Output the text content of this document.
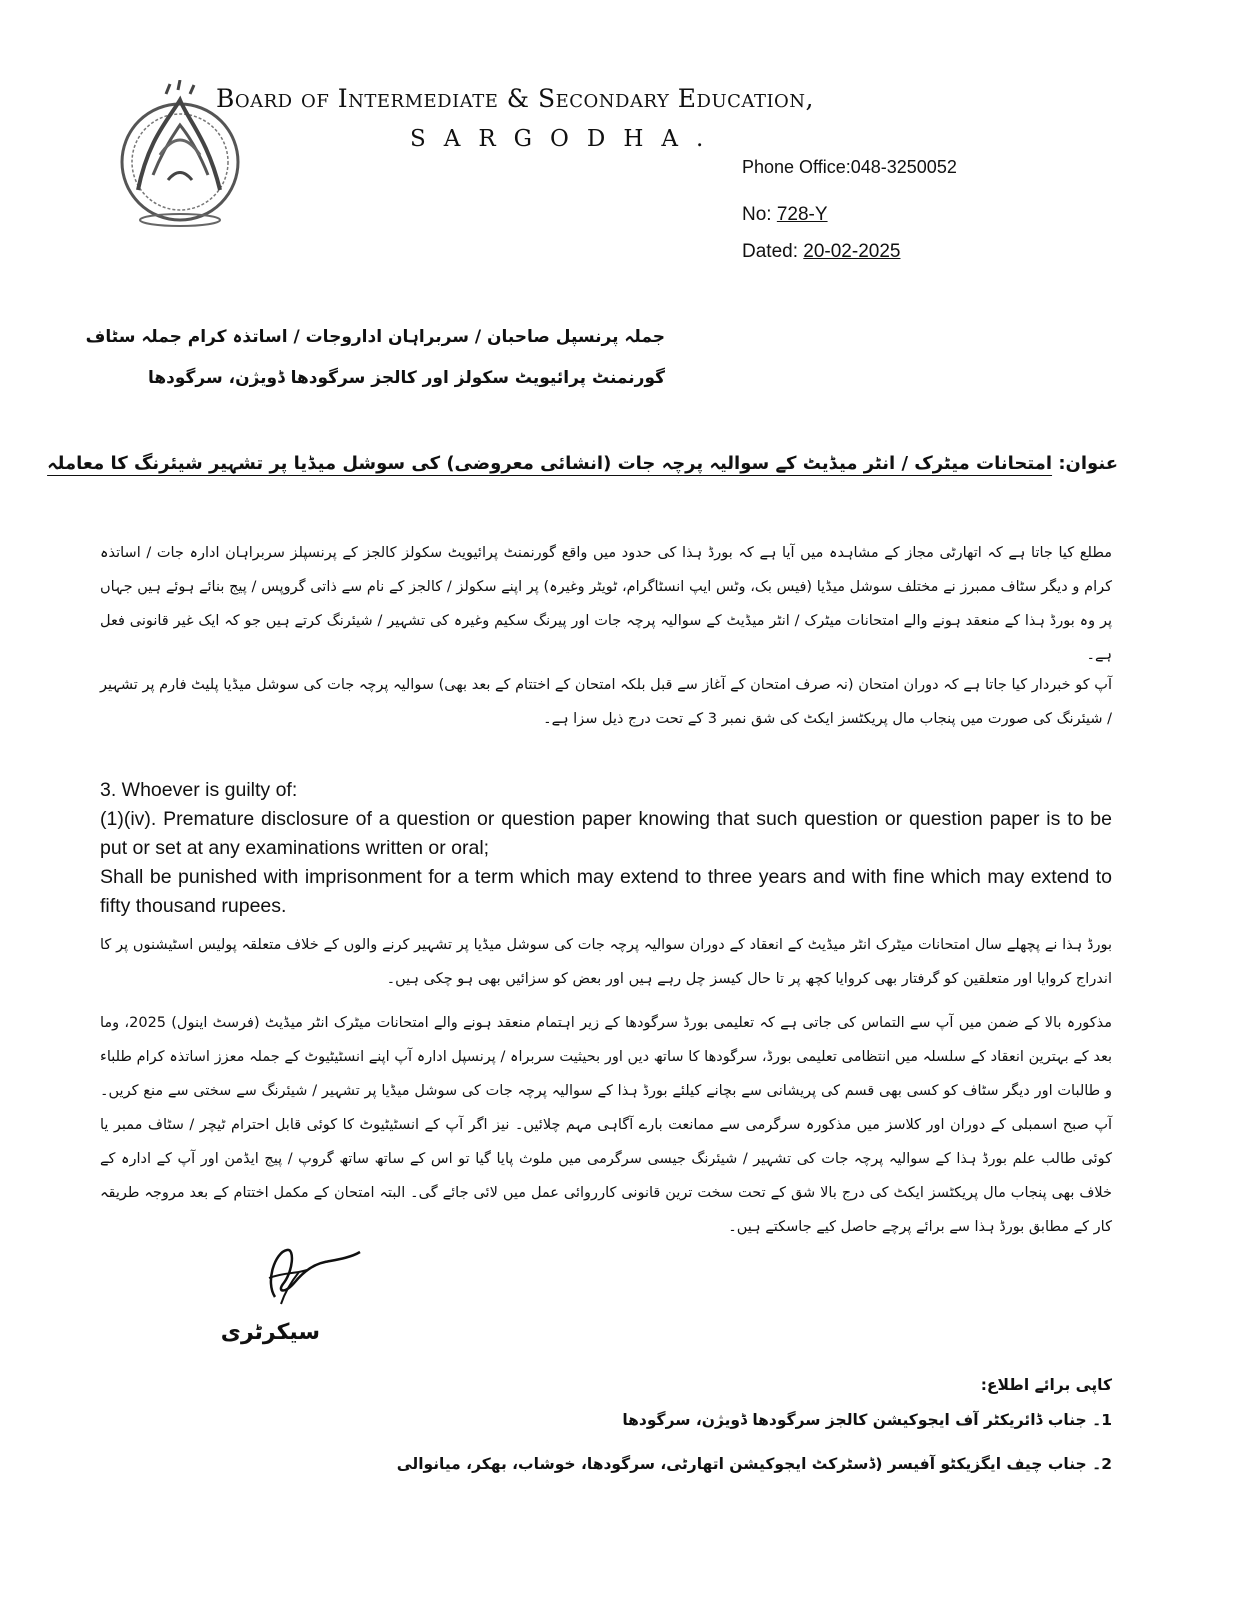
Board of Intermediate & Secondary Education,
SARGODHA.
Phone Office:048-3250052
No: 728-Y
Dated: 20-02-2025
جملہ پرنسپل صاحبان / سربراہان اداروجات / اساتذہ کرام جملہ سٹاف
گورنمنٹ پرائیویٹ سکولز اور کالجز سرگودھا ڈویژن، سرگودھا
عنوان: امتحانات میٹرک / انٹر میڈیٹ کے سوالیہ پرچہ جات (انشائی معروضی) کی سوشل میڈیا پر تشہیر شیئرنگ کا معاملہ
مطلع کیا جاتا ہے کہ اتھارٹی مجاز کے مشاہدہ میں آیا ہے کہ بورڈ ہذا کی حدود میں واقع گورنمنٹ پرائیویٹ سکولز کالجز کے پرنسپلز سربراہان ادارہ جات / اساتذہ کرام و دیگر سٹاف ممبرز نے مختلف سوشل میڈیا (فیس بک، وٹس ایپ انسٹاگرام، ٹویٹر وغیرہ) پر اپنے سکولز / کالجز کے نام سے ذاتی گروپس / پیج بنائے ہوئے ہیں جہاں پر وہ بورڈ ہذا کے منعقد ہونے والے امتحانات میٹرک / انٹر میڈیٹ کے سوالیہ پرچہ جات اور پیرنگ سکیم وغیرہ کی تشہیر / شیئرنگ کرتے ہیں جو کہ ایک غیر قانونی فعل ہے۔
آپ کو خبردار کیا جاتا ہے کہ دوران امتحان (نہ صرف امتحان کے آغاز سے قبل بلکہ امتحان کے اختتام کے بعد بھی) سوالیہ پرچہ جات کی سوشل میڈیا پلیٹ فارم پر تشہیر / شیئرنگ کی صورت میں پنجاب مال پریکٹسز ایکٹ کی شق نمبر 3 کے تحت درج ذیل سزا ہے۔

3. Whoever is guilty of:

(1)(iv). Premature disclosure of a question or question paper knowing that such question or question paper is to be put or set at any examinations written or oral;

Shall be punished with imprisonment for a term which may extend to three years and with fine which may extend to fifty thousand rupees.

بورڈ ہذا نے پچھلے سال امتحانات میٹرک انٹر میڈیٹ کے انعقاد کے دوران سوالیہ پرچہ جات کی سوشل میڈیا پر تشہیر کرنے والوں کے خلاف متعلقہ پولیس اسٹیشنوں پر کا اندراج کروایا اور متعلقین کو گرفتار بھی کروایا کچھ پر تا حال کیسز چل رہے ہیں اور بعض کو سزائیں بھی ہو چکی ہیں۔
مذکورہ بالا کے ضمن میں آپ سے التماس کی جاتی ہے کہ تعلیمی بورڈ سرگودھا کے زیر اہتمام منعقد ہونے والے امتحانات میٹرک انٹر میڈیٹ (فرسٹ اینول) 2025، وما بعد کے بہترین انعقاد کے سلسلہ میں انتظامی تعلیمی بورڈ، سرگودھا کا ساتھ دیں اور بحیثیت سربراہ / پرنسپل ادارہ آپ اپنے انسٹیٹیوٹ کے جملہ معزز اساتذہ کرام طلباء و طالبات اور دیگر سٹاف کو کسی بھی قسم کی پریشانی سے بچانے کیلئے بورڈ ہذا کے سوالیہ پرچہ جات کی سوشل میڈیا پر تشہیر / شیئرنگ سے سختی سے منع کریں۔ آپ صبح اسمبلی کے دوران اور کلاسز میں مذکورہ سرگرمی سے ممانعت بارے آگاہی مہم چلائیں۔ نیز اگر آپ کے انسٹیٹیوٹ کا کوئی قابل احترام ٹیچر / سٹاف ممبر یا کوئی طالب علم بورڈ ہذا کے سوالیہ پرچہ جات کی تشہیر / شیئرنگ جیسی سرگرمی میں ملوث پایا گیا تو اس کے ساتھ ساتھ گروپ / پیج ایڈمن اور آپ کے ادارہ کے خلاف بھی پنجاب مال پریکٹسز ایکٹ کی درج بالا شق کے تحت سخت ترین قانونی کارروائی عمل میں لائی جائے گی۔ البتہ امتحان کے مکمل اختتام کے بعد مروجہ طریقہ کار کے مطابق بورڈ ہذا سے برائے پرچے حاصل کیے جاسکتے ہیں۔
سیکرٹری
کاپی برائے اطلاع:
1۔ جناب ڈائریکٹر آف ایجوکیشن کالجز سرگودھا ڈویژن، سرگودھا
2۔ جناب چیف ایگزیکٹو آفیسر (ڈسٹرکٹ ایجوکیشن اتھارٹی، سرگودھا، خوشاب، بھکر، میانوالی
